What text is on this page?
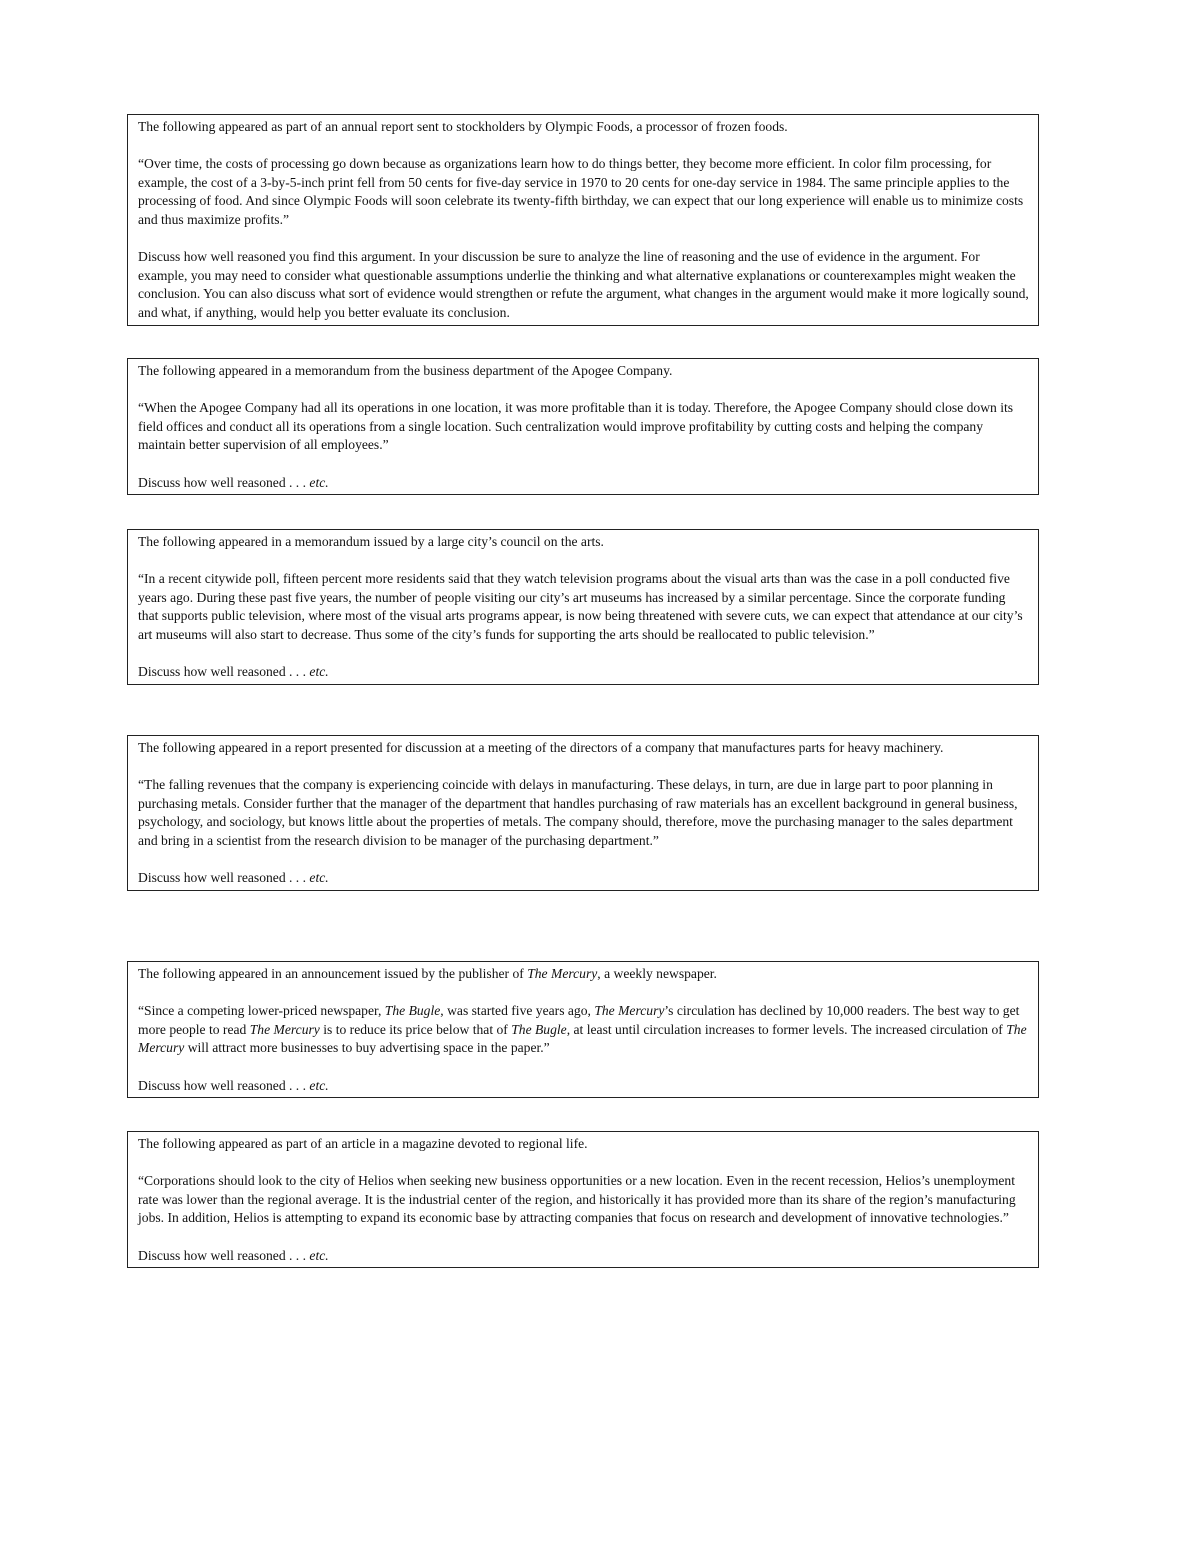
The following appeared as part of an annual report sent to stockholders by Olympic Foods, a processor of frozen foods.

“Over time, the costs of processing go down because as organizations learn how to do things better, they become more efficient. In color film processing, for example, the cost of a 3-by-5-inch print fell from 50 cents for five-day service in 1970 to 20 cents for one-day service in 1984. The same principle applies to the processing of food. And since Olympic Foods will soon celebrate its twenty-fifth birthday, we can expect that our long experience will enable us to minimize costs and thus maximize profits.”

Discuss how well reasoned you find this argument. In your discussion be sure to analyze the line of reasoning and the use of evidence in the argument. For example, you may need to consider what questionable assumptions underlie the thinking and what alternative explanations or counterexamples might weaken the conclusion. You can also discuss what sort of evidence would strengthen or refute the argument, what changes in the argument would make it more logically sound, and what, if anything, would help you better evaluate its conclusion.

The following appeared in a memorandum from the business department of the Apogee Company.

“When the Apogee Company had all its operations in one location, it was more profitable than it is today. Therefore, the Apogee Company should close down its field offices and conduct all its operations from a single location. Such centralization would improve profitability by cutting costs and helping the company maintain better supervision of all employees.”

Discuss how well reasoned . . . etc.

The following appeared in a memorandum issued by a large city’s council on the arts.

“In a recent citywide poll, fifteen percent more residents said that they watch television programs about the visual arts than was the case in a poll conducted five years ago. During these past five years, the number of people visiting our city’s art museums has increased by a similar percentage. Since the corporate funding that supports public television, where most of the visual arts programs appear, is now being threatened with severe cuts, we can expect that attendance at our city’s art museums will also start to decrease. Thus some of the city’s funds for supporting the arts should be reallocated to public television.”

Discuss how well reasoned . . . etc.

The following appeared in a report presented for discussion at a meeting of the directors of a company that manufactures parts for heavy machinery.

“The falling revenues that the company is experiencing coincide with delays in manufacturing. These delays, in turn, are due in large part to poor planning in purchasing metals. Consider further that the manager of the department that handles purchasing of raw materials has an excellent background in general business, psychology, and sociology, but knows little about the properties of metals. The company should, therefore, move the purchasing manager to the sales department and bring in a scientist from the research division to be manager of the purchasing department.”

Discuss how well reasoned . . . etc.

The following appeared in an announcement issued by the publisher of The Mercury, a weekly newspaper.

“Since a competing lower-priced newspaper, The Bugle, was started five years ago, The Mercury’s circulation has declined by 10,000 readers. The best way to get more people to read The Mercury is to reduce its price below that of The Bugle, at least until circulation increases to former levels. The increased circulation of The Mercury will attract more businesses to buy advertising space in the paper.”

Discuss how well reasoned . . . etc.

The following appeared as part of an article in a magazine devoted to regional life.

“Corporations should look to the city of Helios when seeking new business opportunities or a new location. Even in the recent recession, Helios’s unemployment rate was lower than the regional average. It is the industrial center of the region, and historically it has provided more than its share of the region’s manufacturing jobs. In addition, Helios is attempting to expand its economic base by attracting companies that focus on research and development of innovative technologies.”

Discuss how well reasoned . . . etc.
